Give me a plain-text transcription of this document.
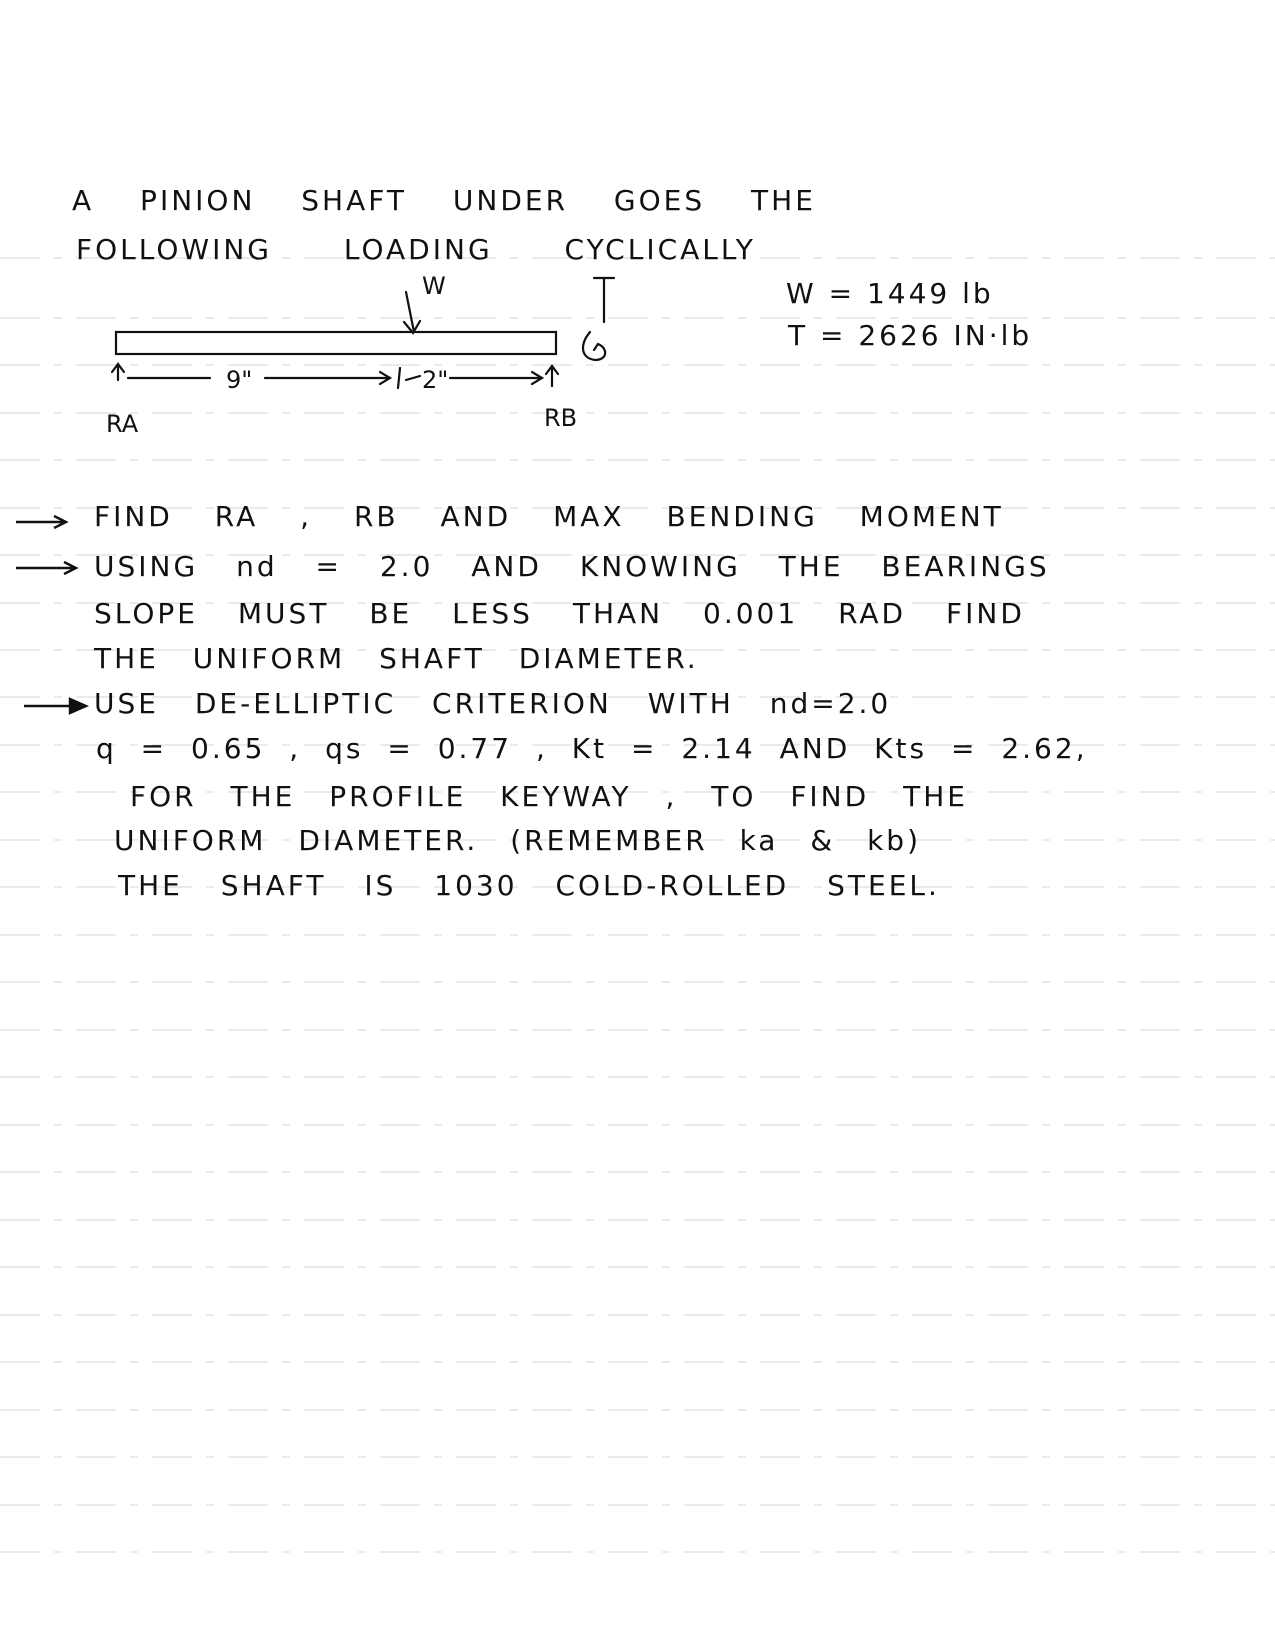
A PINION SHAFT UNDER GOES THE
FOLLOWING LOADING CYCLICALLY
9"	2"
W
RA	RB
W = 1449 lb
T = 2626 IN·lb
FIND RA , RB AND MAX BENDING MOMENT
USING nd = 2.0 AND KNOWING THE BEARINGS
SLOPE MUST BE LESS THAN 0.001 RAD FIND
THE UNIFORM SHAFT DIAMETER.
USE DE-ELLIPTIC CRITERION WITH nd=2.0
q = 0.65 , qs = 0.77 , Kt = 2.14 AND Kts = 2.62,
FOR THE PROFILE KEYWAY , TO FIND THE
UNIFORM DIAMETER. (REMEMBER ka & kb)
THE SHAFT IS 1030 COLD-ROLLED STEEL.
